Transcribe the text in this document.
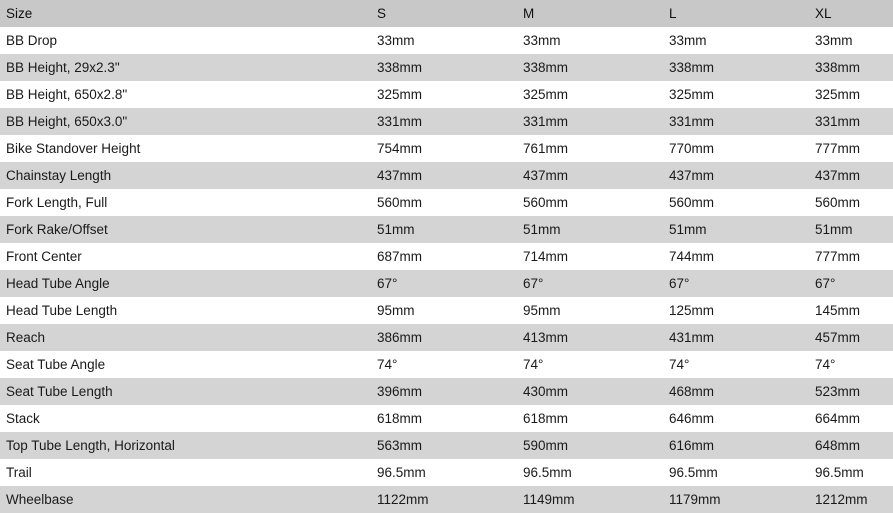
Size	S	M	L	XL
BB Drop	33mm	33mm	33mm	33mm
BB Height, 29x2.3"	338mm	338mm	338mm	338mm
BB Height, 650x2.8"	325mm	325mm	325mm	325mm
BB Height, 650x3.0"	331mm	331mm	331mm	331mm
Bike Standover Height	754mm	761mm	770mm	777mm
Chainstay Length	437mm	437mm	437mm	437mm
Fork Length, Full	560mm	560mm	560mm	560mm
Fork Rake/Offset	51mm	51mm	51mm	51mm
Front Center	687mm	714mm	744mm	777mm
Head Tube Angle	67°	67°	67°	67°
Head Tube Length	95mm	95mm	125mm	145mm
Reach	386mm	413mm	431mm	457mm
Seat Tube Angle	74°	74°	74°	74°
Seat Tube Length	396mm	430mm	468mm	523mm
Stack	618mm	618mm	646mm	664mm
Top Tube Length, Horizontal	563mm	590mm	616mm	648mm
Trail	96.5mm	96.5mm	96.5mm	96.5mm
Wheelbase	1122mm	1149mm	1179mm	1212mm
